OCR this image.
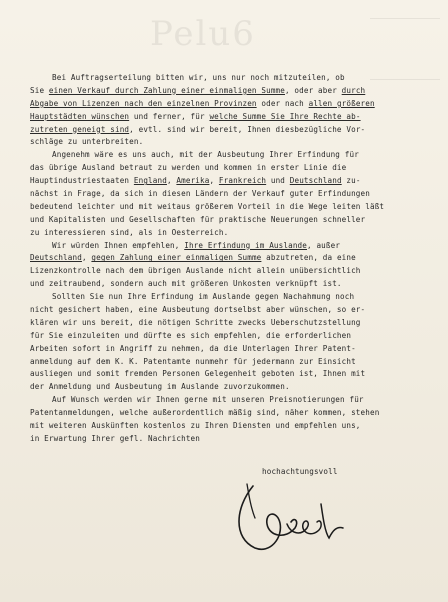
Pelu6
Bei Auftragserteilung bitten wir, uns nur noch mitzuteilen, ob
Sie einen Verkauf durch Zahlung einer einmaligen Summe, oder aber durch
Abgabe von Lizenzen nach den einzelnen Provinzen oder nach allen größeren
Hauptstädten wünschen und ferner, für welche Summe Sie Ihre Rechte ab-
zutreten geneigt sind, evtl. sind wir bereit, Ihnen diesbezügliche Vor-
schläge zu unterbreiten.
Angenehm wäre es uns auch, mit der Ausbeutung Ihrer Erfindung für
das übrige Ausland betraut zu werden und kommen in erster Linie die
Hauptindustriestaaten England, Amerika, Frankreich und Deutschland zu-
nächst in Frage, da sich in diesen Ländern der Verkauf guter Erfindungen
bedeutend leichter und mit weitaus größerem Vorteil in die Wege leiten läßt
und Kapitalisten und Gesellschaften für praktische Neuerungen schneller
zu interessieren sind, als in Oesterreich.
Wir würden Ihnen empfehlen, Ihre Erfindung im Auslande, außer
Deutschland, gegen Zahlung einer einmaligen Summe abzutreten, da eine
Lizenzkontrolle nach dem übrigen Auslande nicht allein unübersichtlich
und zeitraubend, sondern auch mit größeren Unkosten verknüpft ist.
Sollten Sie nun Ihre Erfindung im Auslande gegen Nachahmung noch
nicht gesichert haben, eine Ausbeutung dortselbst aber wünschen, so er-
klären wir uns bereit, die nötigen Schritte zwecks Ueberschutzstellung
für Sie einzuleiten und dürfte es sich empfehlen, die erforderlichen
Arbeiten sofort in Angriff zu nehmen, da die Unterlagen Ihrer Patent-
anmeldung auf dem K. K. Patentamte nunmehr für jedermann zur Einsicht
ausliegen und somit fremden Personen Gelegenheit geboten ist, Ihnen mit
der Anmeldung und Ausbeutung im Auslande zuvorzukommen.
Auf Wunsch werden wir Ihnen gerne mit unseren Preisnotierungen für
Patentanmeldungen, welche außerordentlich mäßig sind, näher kommen, stehen
mit weiteren Auskünften kostenlos zu Ihren Diensten und empfehlen uns,
in Erwartung Ihrer gefl. Nachrichten
hochachtungsvoll
